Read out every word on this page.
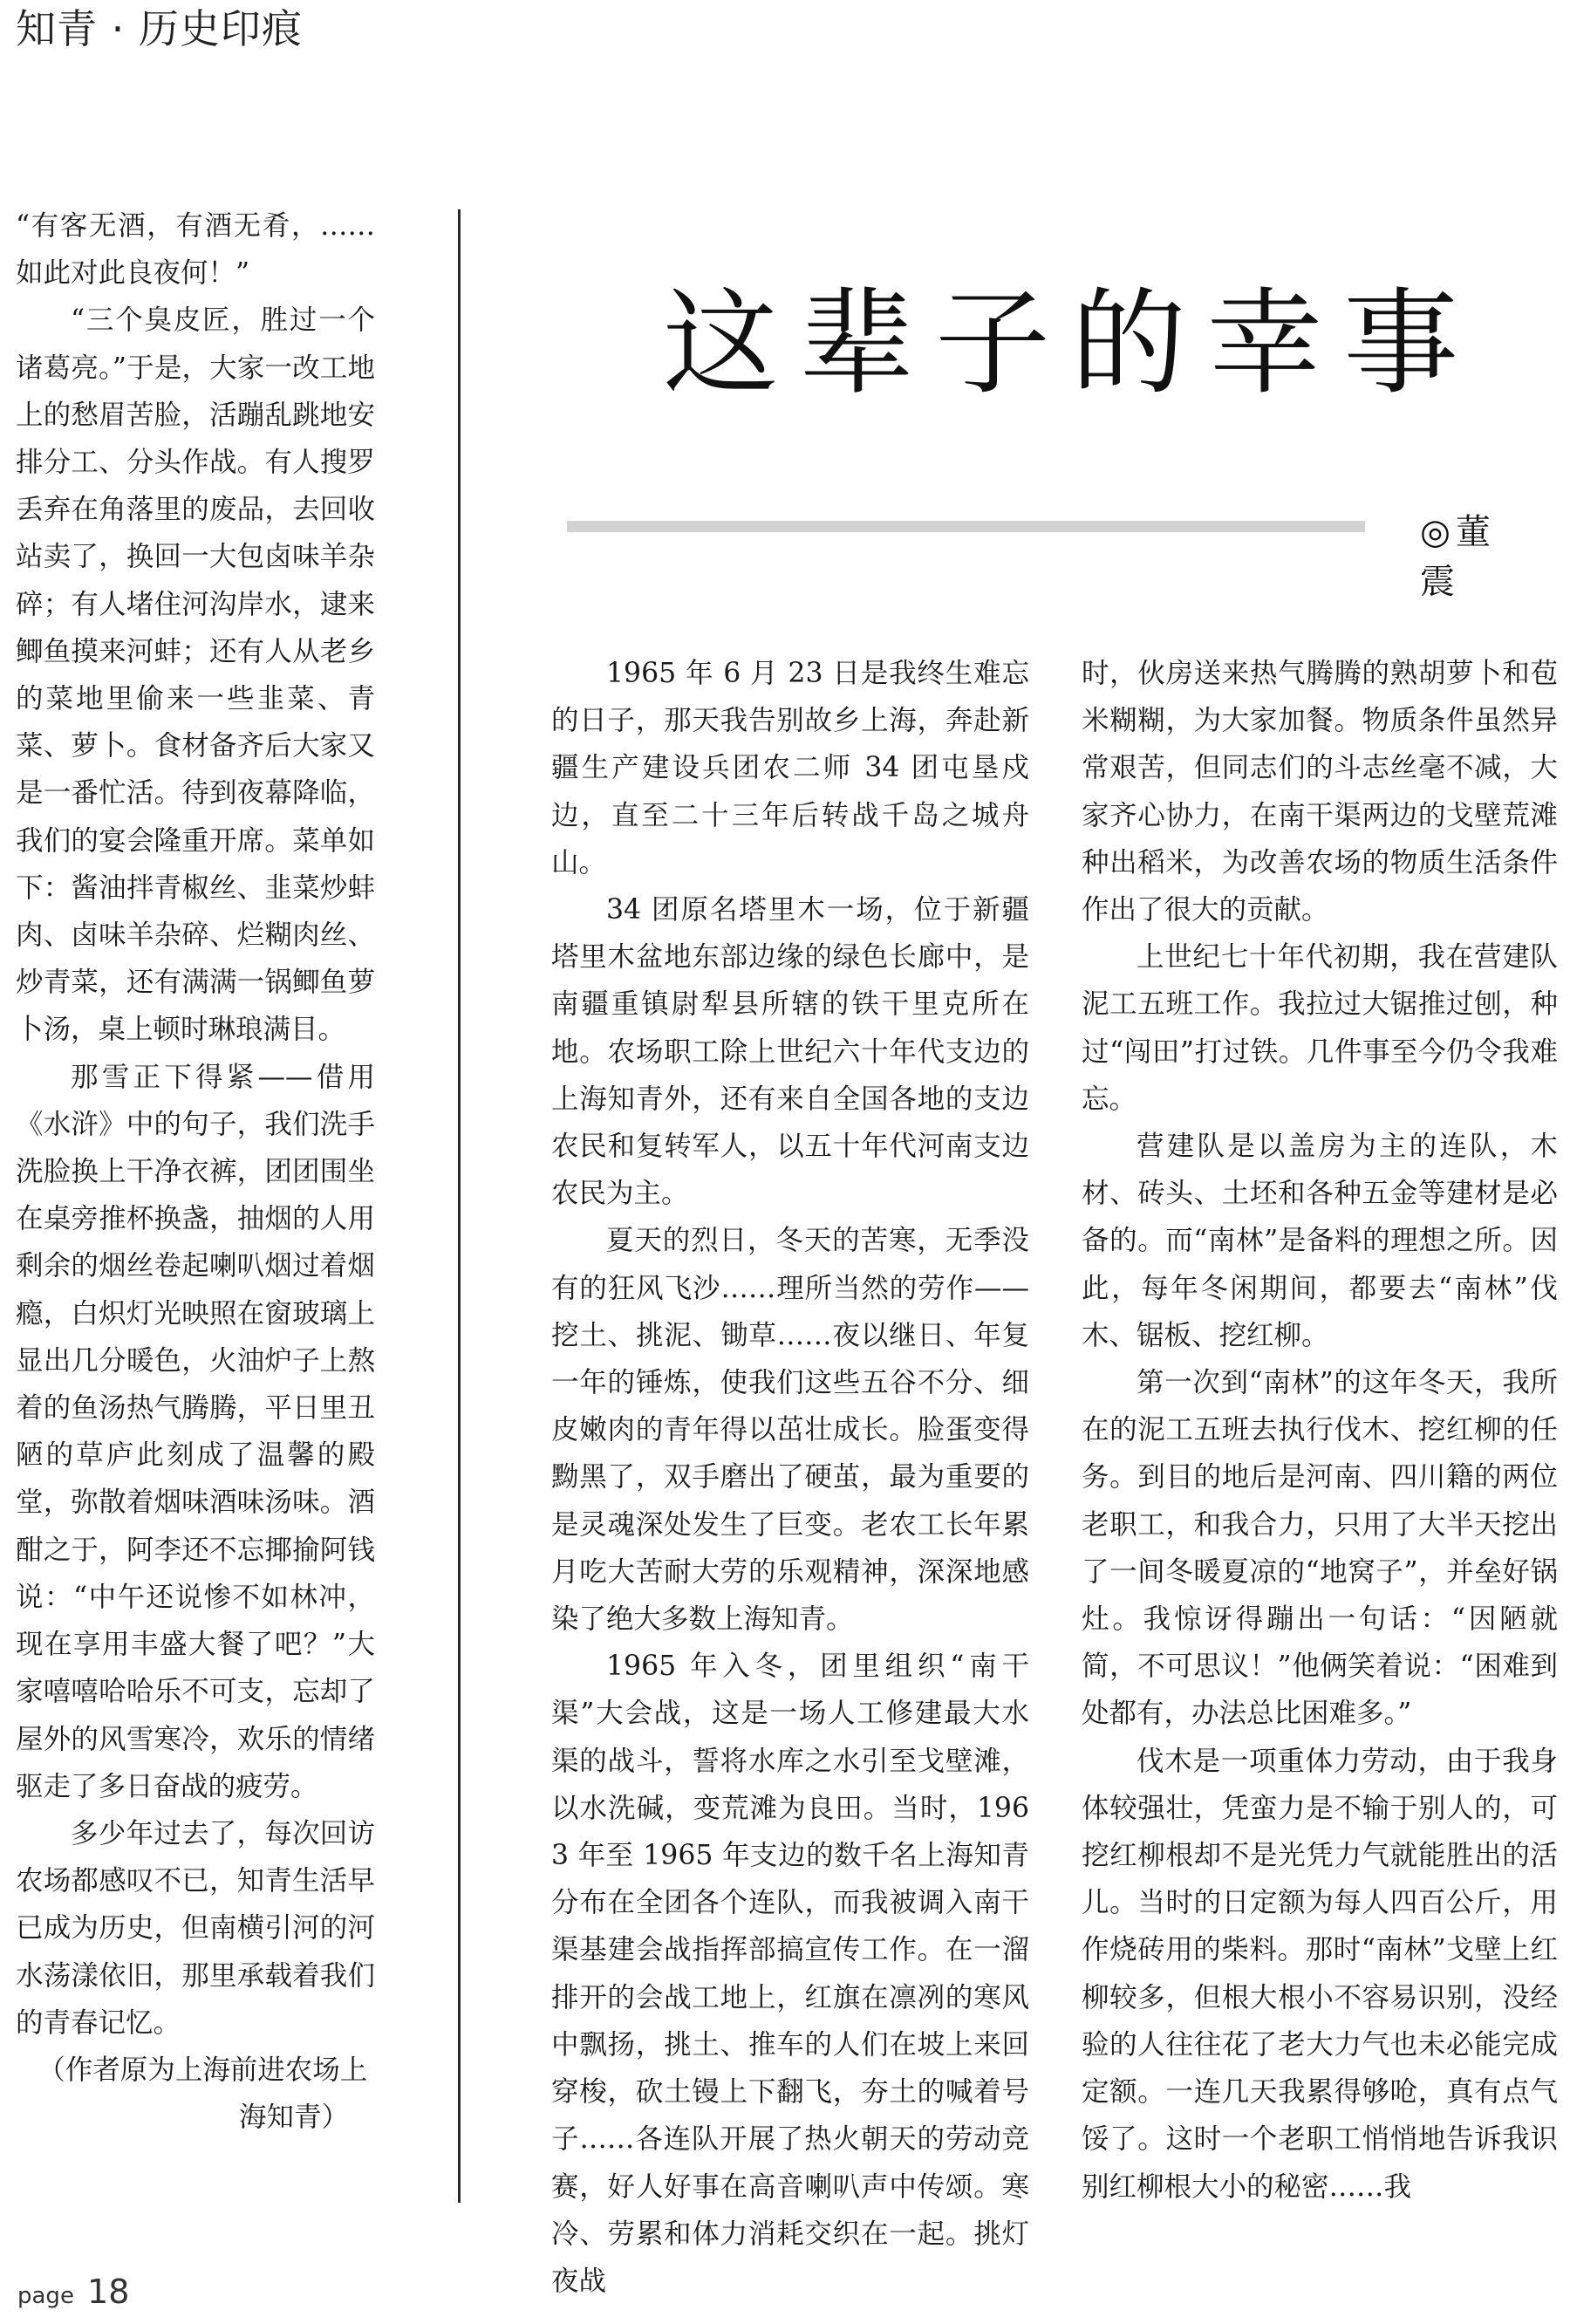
知青 · 历史印痕

“有客无酒，有酒无肴，……如此对此良夜何！”

“三个臭皮匠，胜过一个诸葛亮。”于是，大家一改工地上的愁眉苦脸，活蹦乱跳地安排分工、分头作战。有人搜罗丢弃在角落里的废品，去回收站卖了，换回一大包卤味羊杂碎；有人堵住河沟岸水，逮来鲫鱼摸来河蚌；还有人从老乡的菜地里偷来一些韭菜、青菜、萝卜。食材备齐后大家又是一番忙活。待到夜幕降临，我们的宴会隆重开席。菜单如下：酱油拌青椒丝、韭菜炒蚌肉、卤味羊杂碎、烂糊肉丝、炒青菜，还有满满一锅鲫鱼萝卜汤，桌上顿时琳琅满目。

那雪正下得紧——借用《水浒》中的句子，我们洗手洗脸换上干净衣裤，团团围坐在桌旁推杯换盏，抽烟的人用剩余的烟丝卷起喇叭烟过着烟瘾，白炽灯光映照在窗玻璃上显出几分暖色，火油炉子上熬着的鱼汤热气腾腾，平日里丑陋的草庐此刻成了温馨的殿堂，弥散着烟味酒味汤味。酒酣之于，阿李还不忘揶揄阿钱说：“中午还说惨不如林冲，现在享用丰盛大餐了吧？”大家嘻嘻哈哈乐不可支，忘却了屋外的风雪寒冷，欢乐的情绪驱走了多日奋战的疲劳。

多少年过去了，每次回访农场都感叹不已，知青生活早已成为历史，但南横引河的河水荡漾依旧，那里承载着我们的青春记忆。

（作者原为上海前进农场上

海知青）

这辈子的幸事
◎董　震

1965 年 6 月 23 日是我终生难忘的日子，那天我告别故乡上海，奔赴新疆生产建设兵团农二师 34 团屯垦戍边，直至二十三年后转战千岛之城舟山。

34 团原名塔里木一场，位于新疆塔里木盆地东部边缘的绿色长廊中，是南疆重镇尉犁县所辖的铁干里克所在地。农场职工除上世纪六十年代支边的上海知青外，还有来自全国各地的支边农民和复转军人，以五十年代河南支边农民为主。

夏天的烈日，冬天的苦寒，无季没有的狂风飞沙……理所当然的劳作——挖土、挑泥、锄草……夜以继日、年复一年的锤炼，使我们这些五谷不分、细皮嫩肉的青年得以茁壮成长。脸蛋变得黝黑了，双手磨出了硬茧，最为重要的是灵魂深处发生了巨变。老农工长年累月吃大苦耐大劳的乐观精神，深深地感染了绝大多数上海知青。

1965 年入冬，团里组织“南干渠”大会战，这是一场人工修建最大水渠的战斗，誓将水库之水引至戈壁滩，以水洗碱，变荒滩为良田。当时，1963 年至 1965 年支边的数千名上海知青分布在全团各个连队，而我被调入南干渠基建会战指挥部搞宣传工作。在一溜排开的会战工地上，红旗在凛冽的寒风中飘扬，挑土、推车的人们在坡上来回穿梭，砍土镘上下翻飞，夯土的喊着号子……各连队开展了热火朝天的劳动竞赛，好人好事在高音喇叭声中传颂。寒冷、劳累和体力消耗交织在一起。挑灯夜战

时，伙房送来热气腾腾的熟胡萝卜和苞米糊糊，为大家加餐。物质条件虽然异常艰苦，但同志们的斗志丝毫不减，大家齐心协力，在南干渠两边的戈壁荒滩种出稻米，为改善农场的物质生活条件作出了很大的贡献。

上世纪七十年代初期，我在营建队泥工五班工作。我拉过大锯推过刨，种过“闯田”打过铁。几件事至今仍令我难忘。

营建队是以盖房为主的连队，木材、砖头、土坯和各种五金等建材是必备的。而“南林”是备料的理想之所。因此，每年冬闲期间，都要去“南林”伐木、锯板、挖红柳。

第一次到“南林”的这年冬天，我所在的泥工五班去执行伐木、挖红柳的任务。到目的地后是河南、四川籍的两位老职工，和我合力，只用了大半天挖出了一间冬暖夏凉的“地窝子”，并垒好锅灶。我惊讶得蹦出一句话：“因陋就简，不可思议！”他俩笑着说：“困难到处都有，办法总比困难多。”

伐木是一项重体力劳动，由于我身体较强壮，凭蛮力是不输于别人的，可挖红柳根却不是光凭力气就能胜出的活儿。当时的日定额为每人四百公斤，用作烧砖用的柴料。那时“南林”戈壁上红柳较多，但根大根小不容易识别，没经验的人往往花了老大力气也未必能完成定额。一连几天我累得够呛，真有点气馁了。这时一个老职工悄悄地告诉我识别红柳根大小的秘密……我

page 18
